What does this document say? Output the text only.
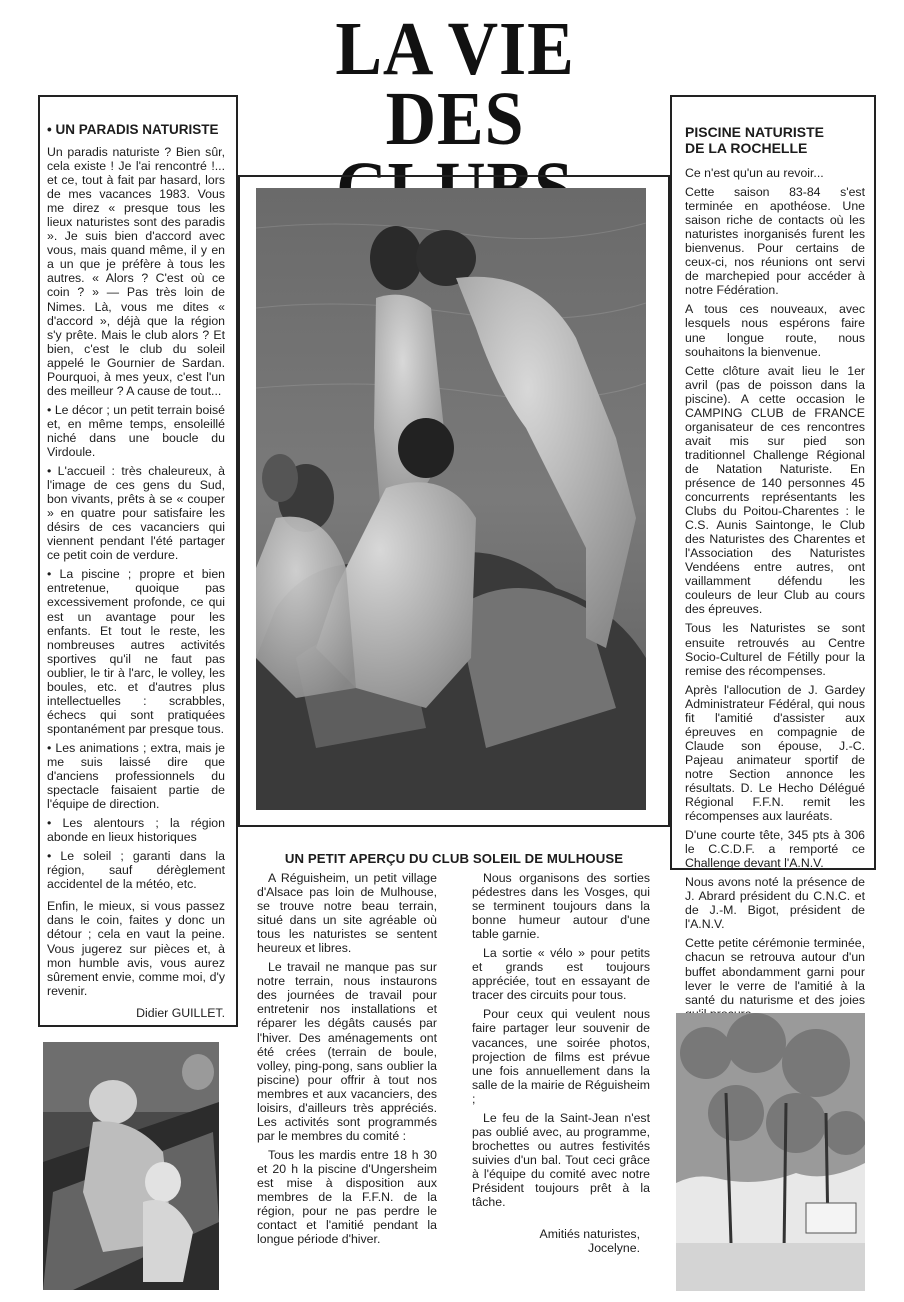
LA VIE
DES
• UN PARADIS NATURISTE

Un paradis naturiste ? Bien sûr, cela existe ! Je l'ai rencontré !... et ce, tout à fait par hasard, lors de mes vacances 1983. Vous me direz « presque tous les lieux naturistes sont des paradis ». Je suis bien d'accord avec vous, mais quand même, il y en a un que je préfère à tous les autres. « Alors ? C'est où ce coin ? » — Pas très loin de Nimes. Là, vous me dites « d'accord », déjà que la région s'y prête. Mais le club alors ? Et bien, c'est le club du soleil appelé le Gournier de Sardan. Pourquoi, à mes yeux, c'est l'un des meilleur ? A cause de tout...

• Le décor ; un petit terrain boisé et, en même temps, ensoleillé niché dans une boucle du Virdoule.

• L'accueil : très chaleureux, à l'image de ces gens du Sud, bon vivants, prêts à se « couper » en quatre pour satisfaire les désirs de ces vacanciers qui viennent pendant l'été partager ce petit coin de verdure.

• La piscine ; propre et bien entretenue, quoique pas excessivement profonde, ce qui est un avantage pour les enfants. Et tout le reste, les nombreuses autres activités sportives qu'il ne faut pas oublier, le tir à l'arc, le volley, les boules, etc. et d'autres plus intellectuelles : scrabbles, échecs qui sont pratiquées spontanément par presque tous.

• Les animations ; extra, mais je me suis laissé dire que d'anciens professionnels du spectacle faisaient partie de l'équipe de direction.

• Les alentours ; la région abonde en lieux historiques

• Le soleil ; garanti dans la région, sauf dérèglement accidentel de la météo, etc.

Enfin, le mieux, si vous passez dans le coin, faites y donc un détour ; cela en vaut la peine. Vous jugerez sur pièces et, à mon humble avis, vous aurez sûrement envie, comme moi, d'y revenir.

Didier GUILLET.
PISCINE NATURISTE
DE LA ROCHELLE

Ce n'est qu'un au revoir...

Cette saison 83-84 s'est terminée en apothéose. Une saison riche de contacts où les naturistes inorganisés furent les bienvenus. Pour certains de ceux-ci, nos réunions ont servi de marchepied pour accéder à notre Fédération.

A tous ces nouveaux, avec lesquels nous espérons faire une longue route, nous souhaitons la bienvenue.

Cette clôture avait lieu le 1er avril (pas de poisson dans la piscine). A cette occasion le CAMPING CLUB de FRANCE organisateur de ces rencontres avait mis sur pied son traditionnel Challenge Régional de Natation Naturiste. En présence de 140 personnes 45 concurrents représentants les Clubs du Poitou-Charentes : le C.S. Aunis Saintonge, le Club des Naturistes des Charentes et l'Association des Naturistes Vendéens entre autres, ont vaillamment défendu les couleurs de leur Club au cours des épreuves.

Tous les Naturistes se sont ensuite retrouvés au Centre Socio-Culturel de Fétilly pour la remise des récompenses.

Après l'allocution de J. Gardey Administrateur Fédéral, qui nous fit l'amitié d'assister aux épreuves en compagnie de Claude son épouse, J.-C. Pajeau animateur sportif de notre Section annonce les résultats. D. Le Hecho Délégué Régional F.F.N. remit les récompenses aux lauréats.

D'une courte tête, 345 pts à 306 le C.C.D.F. a remporté ce Challenge devant l'A.N.V.

Nous avons noté la présence de J. Abrard président du C.N.C. et de J.-M. Bigot, président de l'A.N.V.

Cette petite cérémonie terminée, chacun se retrouva autour d'un buffet abondamment garni pour lever le verre de l'amitié à la santé du naturisme et des joies

UN PETIT APERÇU DU CLUB SOLEIL DE MULHOUSE

A Réguisheim, un petit village d'Alsace pas loin de Mulhouse, se trouve notre beau terrain, situé dans un site agréable où tous les naturistes se sentent heureux et libres.

Le travail ne manque pas sur notre terrain, nous instaurons des journées de travail pour entretenir nos installations et réparer les dégâts causés par l'hiver. Des aménagements ont été crées (terrain de boule, volley, ping-pong, sans oublier la piscine) pour offrir à tout nos membres et aux vacanciers, des loisirs, d'ailleurs très appréciés. Les activités sont programmés par le membres du comité :

Tous les mardis entre 18 h 30 et 20 h la piscine d'Ungersheim est mise à disposition aux membres de la F.F.N. de la région, pour ne pas perdre le contact et l'amitié pendant la longue période d'hiver.

Nous organisons des sorties pédestres dans les Vosges, qui se terminent toujours dans la bonne humeur autour d'une table garnie.

La sortie « vélo » pour petits et grands est toujours appréciée, tout en essayant de tracer des circuits pour tous.

Pour ceux qui veulent nous faire partager leur souvenir de vacances, une soirée photos, projection de films est prévue une fois annuellement dans la salle de la mairie de Réguisheim ;

Le feu de la Saint-Jean n'est pas oublié avec, au programme, brochettes ou autres festivités suivies d'un bal. Tout ceci grâce à l'équipe du comité avec notre Président toujours prêt à la tâche.

Amitiés naturistes,
Jocelyne.
